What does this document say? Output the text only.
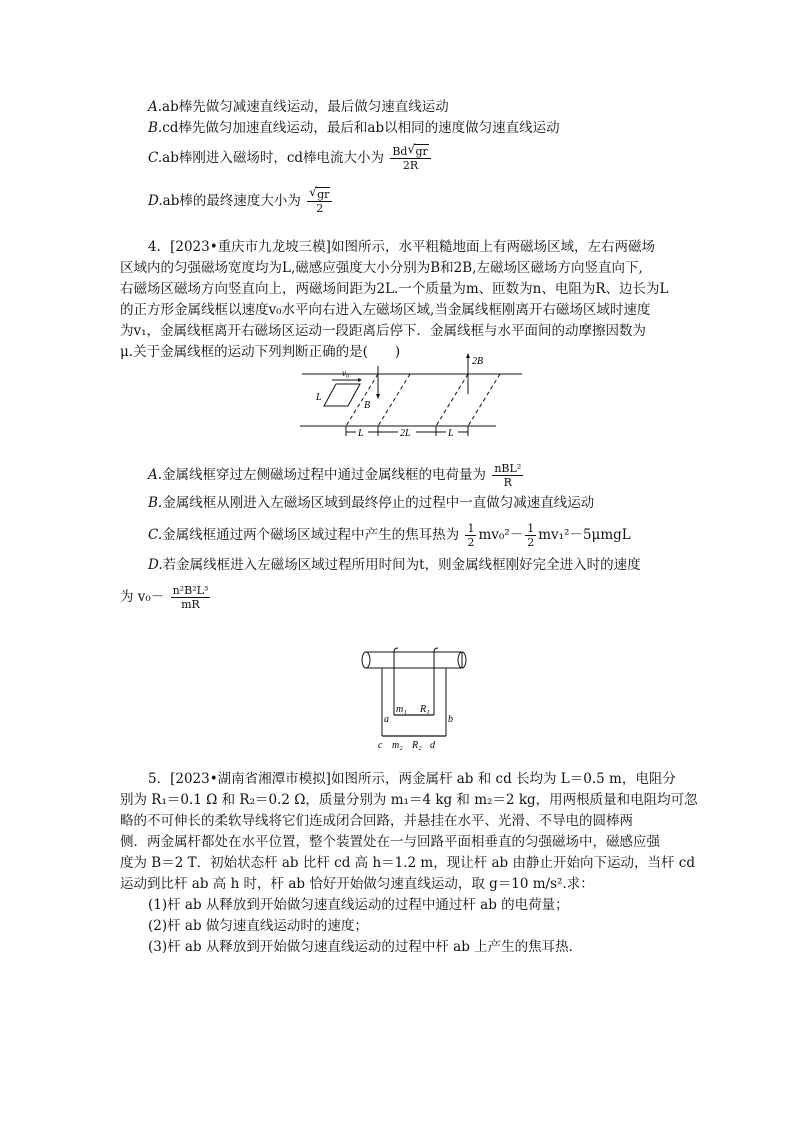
A.ab棒先做匀减速直线运动，最后做匀速直线运动
B.cd棒先做匀加速直线运动，最后和ab以相同的速度做匀速直线运动
C.ab棒刚进入磁场时，cd棒电流大小为 $\frac{Bd √ gr}{2R}$
D.ab棒的最终速度大小为 $\frac{√ gr}{2}$
4．[2023•重庆市九龙坡三模]如图所示，水平粗糙地面上有两磁场区域，左右两磁场
区域内的匀强磁场宽度均为L,磁感应强度大小分别为B和2B,左磁场区磁场方向竖直向下,
右磁场区磁场方向竖直向上，两磁场间距为2L.一个质量为m、匝数为n、电阻为R、边长为L
的正方形金属线框以速度v₀水平向右进入左磁场区域,当金属线框刚离开右磁场区域时速度
为v₁，金属线框离开右磁场区运动一段距离后停下．金属线框与水平面间的动摩擦因数为
μ.关于金属线框的运动下列判断正确的是(　　)
v₀
L
B
2B
L	2L	L
A.金属线框穿过左侧磁场过程中通过金属线框的电荷量为 $\frac{\text{nBL²}}{R}$
B.金属线框从刚进入左磁场区域到最终停止的过程中一直做匀减速直线运动
C.金属线框通过两个磁场区域过程中产生的焦耳热为 $\frac{1}{2} mv_0^2- \frac{1}{2} mv_1^2-5\mu mgL$
D.若金属线框进入左磁场区域过程所用时间为t，则金属线框刚好完全进入时的速度
为 $v_0- \frac{\text{n²B²L³}}{mR}$
m₁ R₁
a	b
c m₂ R₂ d
5．[2023•湖南省湘潭市模拟]如图所示，两金属杆 ab 和 cd 长均为 L＝0.5 m，电阻分
别为 R₁＝0.1 Ω 和 R₂＝0.2 Ω，质量分别为 m₁＝4 kg 和 m₂＝2 kg，用两根质量和电阻均可忽
略的不可伸长的柔软导线将它们连成闭合回路，并悬挂在水平、光滑、不导电的圆棒两
侧．两金属杆都处在水平位置，整个装置处在一与回路平面相垂直的匀强磁场中，磁感应强
度为 B＝2 T．初始状态杆 ab 比杆 cd 高 h＝1.2 m，现让杆 ab 由静止开始向下运动，当杆 cd
运动到比杆 ab 高 h 时，杆 ab 恰好开始做匀速直线运动，取 g＝10 m/s².求：
(1)杆 ab 从释放到开始做匀速直线运动的过程中通过杆 ab 的电荷量；
(2)杆 ab 做匀速直线运动时的速度；
(3)杆 ab 从释放到开始做匀速直线运动的过程中杆 ab 上产生的焦耳热．
